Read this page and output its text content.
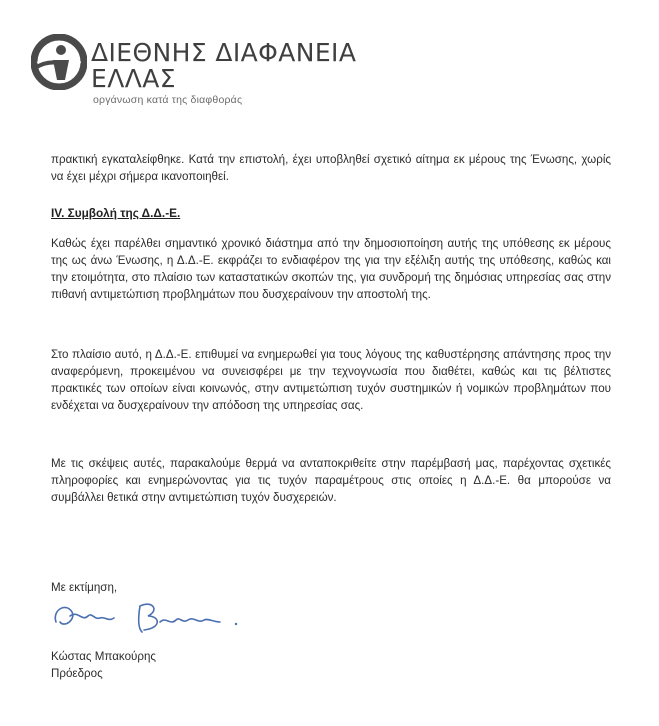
ΔΙΕΘΝΗΣ ΔΙΑΦΑΝΕΙΑ
ΕΛΛΑΣ
οργάνωση κατά της διαφθοράς

πρακτική εγκαταλείφθηκε. Κατά την επιστολή, έχει υποβληθεί σχετικό αίτημα εκ μέρους της Ένωσης, χωρίς να έχει μέχρι σήμερα ικανοποιηθεί.

IV. Συμβολή της Δ.Δ.-Ε.

Καθώς έχει παρέλθει σημαντικό χρονικό διάστημα από την δημοσιοποίηση αυτής της υπόθεσης εκ μέρους της ως άνω Ένωσης, η Δ.Δ.-Ε. εκφράζει το ενδιαφέρον της για την εξέλιξη αυτής της υπόθεσης, καθώς και την ετοιμότητα, στο πλαίσιο των καταστατικών σκοπών της, για συνδρομή της δημόσιας υπηρεσίας σας στην πιθανή αντιμετώπιση προβλημάτων που δυσχεραίνουν την αποστολή της.

Στο πλαίσιο αυτό, η Δ.Δ.-Ε. επιθυμεί να ενημερωθεί για τους λόγους της καθυστέρησης απάντησης προς την αναφερόμενη, προκειμένου να συνεισφέρει με την τεχνογνωσία που διαθέτει, καθώς και τις βέλτιστες πρακτικές των οποίων είναι κοινωνός, στην αντιμετώπιση τυχόν συστημικών ή νομικών προβλημάτων που ενδέχεται να δυσχεραίνουν την απόδοση της υπηρεσίας σας.

Με τις σκέψεις αυτές, παρακαλούμε θερμά να ανταποκριθείτε στην παρέμβασή μας, παρέχοντας σχετικές πληροφορίες και ενημερώνοντας για τις τυχόν παραμέτρους στις οποίες η Δ.Δ.-Ε. θα μπορούσε να συμβάλλει θετικά στην αντιμετώπιση τυχόν δυσχερειών.

Με εκτίμηση,
Κώστας Μπακούρης
Πρόεδρος
